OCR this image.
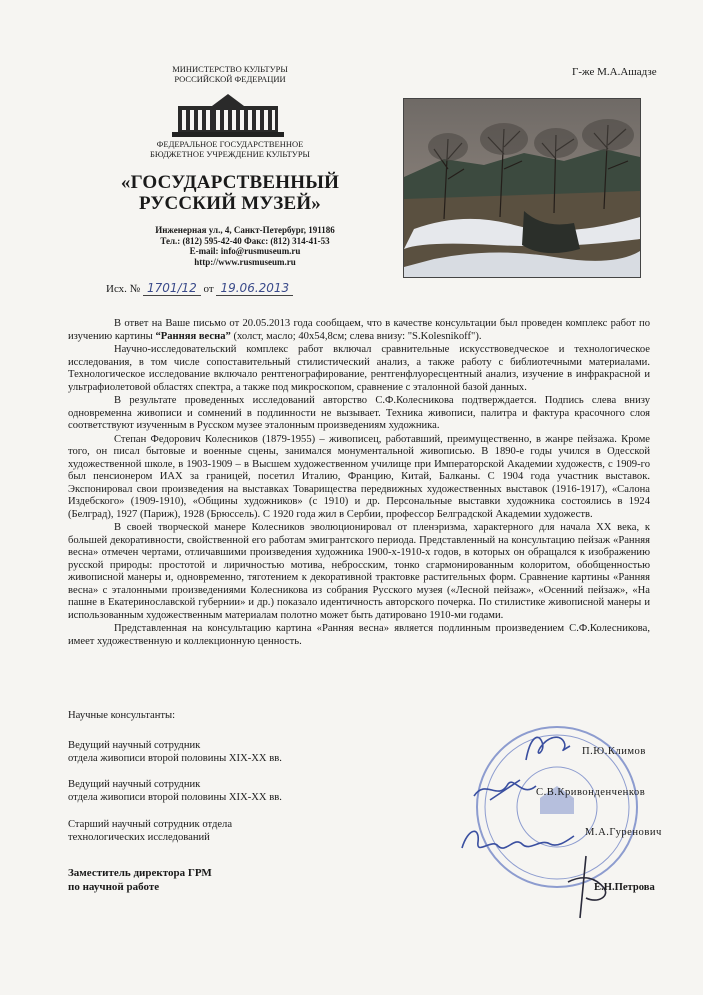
МИНИСТЕРСТВО КУЛЬТУРЫ
РОССИЙСКОЙ ФЕДЕРАЦИИ
ФЕДЕРАЛЬНОЕ ГОСУДАРСТВЕННОЕ
БЮДЖЕТНОЕ УЧРЕЖДЕНИЕ КУЛЬТУРЫ
«ГОСУДАРСТВЕННЫЙ
РУССКИЙ МУЗЕЙ»
Инженерная ул., 4, Санкт-Петербург, 191186
Тел.: (812) 595-42-40 Факс: (812) 314-41-53
E-mail: info@rusmuseum.ru
http://www.rusmuseum.ru
Исх. № 1701/12 от 19.06.2013
Г-же М.А.Ашадзе

В ответ на Ваше письмо от 20.05.2013 года сообщаем, что в качестве консультации был проведен комплекс работ по изучению картины “Ранняя весна” (холст, масло; 40x54,8см; слева внизу: "S.Kolesnikoff").

Научно-исследовательский комплекс работ включал сравнительные искусствоведческое и технологическое исследования, в том числе сопоставительный стилистический анализ, а также работу с библиотечными материалами. Технологическое исследование включало рентгенографирование, рентгенфлуоресцентный анализ, изучение в инфракрасной и ультрафиолетовой областях спектра, а также под микроскопом, сравнение с эталонной базой данных.

В результате проведенных исследований авторство С.Ф.Колесникова подтверждается. Подпись слева внизу одновременна живописи и сомнений в подлинности не вызывает. Техника живописи, палитра и фактура красочного слоя соответствуют изученным в Русском музее эталонным произведениям художника.

Степан Федорович Колесников (1879-1955) – живописец, работавший, преимущественно, в жанре пейзажа. Кроме того, он писал бытовые и военные сцены, занимался монументальной живописью. В 1890-е годы учился в Одесской художественной школе, в 1903-1909 – в Высшем художественном училище при Императорской Академии художеств, с 1909-го был пенсионером ИАХ за границей, посетил Италию, Францию, Китай, Балканы. С 1904 года участник выставок. Экспонировал свои произведения на выставках Товарищества передвижных художественных выставок (1916-1917), «Салона Издебского» (1909-1910), «Общины художников» (с 1910) и др. Персональные выставки художника состоялись в 1924 (Белград), 1927 (Париж), 1928 (Брюссель). С 1920 года жил в Сербии, профессор Белградской Академии художеств.

В своей творческой манере Колесников эволюционировал от пленэризма, характерного для начала XX века, к большей декоративности, свойственной его работам эмигрантского периода. Представленный на консультацию пейзаж «Ранняя весна» отмечен чертами, отличавшими произведения художника 1900-х-1910-х годов, в которых он обращался к изображению русской природы: простотой и лиричностью мотива, небросским, тонко сгармонированным колоритом, обобщенностью живописной манеры и, одновременно, тяготением к декоративной трактовке растительных форм. Сравнение картины «Ранняя весна» с эталонными произведениями Колесникова из собрания Русского музея («Лесной пейзаж», «Осенний пейзаж», «На пашне в Екатеринославской губернии» и др.) показало идентичность авторского почерка. По стилистике живописной манеры и использованным художественным материалам полотно может быть датировано 1910-ми годами.

Представленная на консультацию картина «Ранняя весна» является подлинным произведением С.Ф.Колесникова, имеет художественную и коллекционную ценность.

Научные консультанты:
Ведущий научный сотрудник
отдела живописи второй половины XIX-XX вв.
Ведущий научный сотрудник
отдела живописи второй половины XIX-XX вв.
Старший научный сотрудник отдела
технологических исследований
П.Ю.Климов
С.В.Кривонденченков
М.А.Гуренович
Заместитель директора ГРМ
по научной работе	Е.Н.Петрова
